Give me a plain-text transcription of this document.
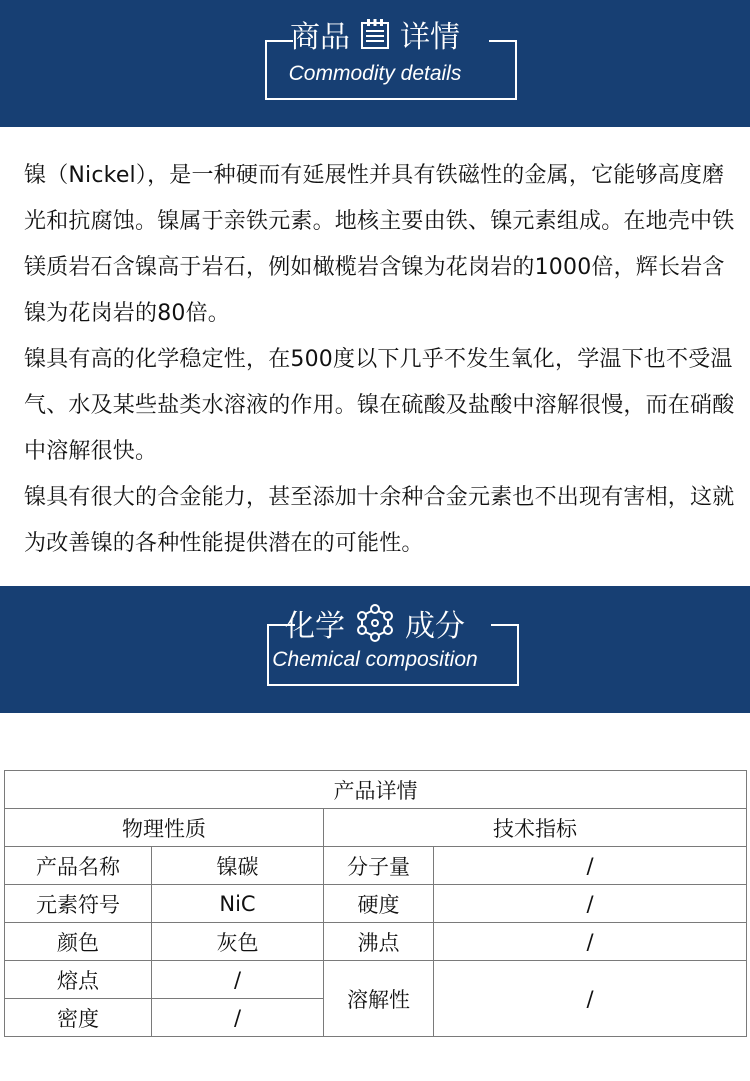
商品 详情
Commodity details

镍（Nickel），是一种硬而有延展性并具有铁磁性的金属，它能够高度磨光和抗腐蚀。镍属于亲铁元素。地核主要由铁、镍元素组成。在地壳中铁镁质岩石含镍高于岩石，例如橄榄岩含镍为花岗岩的1000倍，辉长岩含镍为花岗岩的80倍。

镍具有高的化学稳定性，在500度以下几乎不发生氧化，学温下也不受温气、水及某些盐类水溶液的作用。镍在硫酸及盐酸中溶解很慢，而在硝酸中溶解很快。

镍具有很大的合金能力，甚至添加十余种合金元素也不出现有害相，这就为改善镍的各种性能提供潜在的可能性。

化学 成分
Chemical composition
产品详情			
物理性质		技术指标	
产品名称	镍碳	分子量	/
元素符号	NiC	硬度	/
颜色	灰色	沸点	/
熔点	/	溶解性	/
密度	/		
